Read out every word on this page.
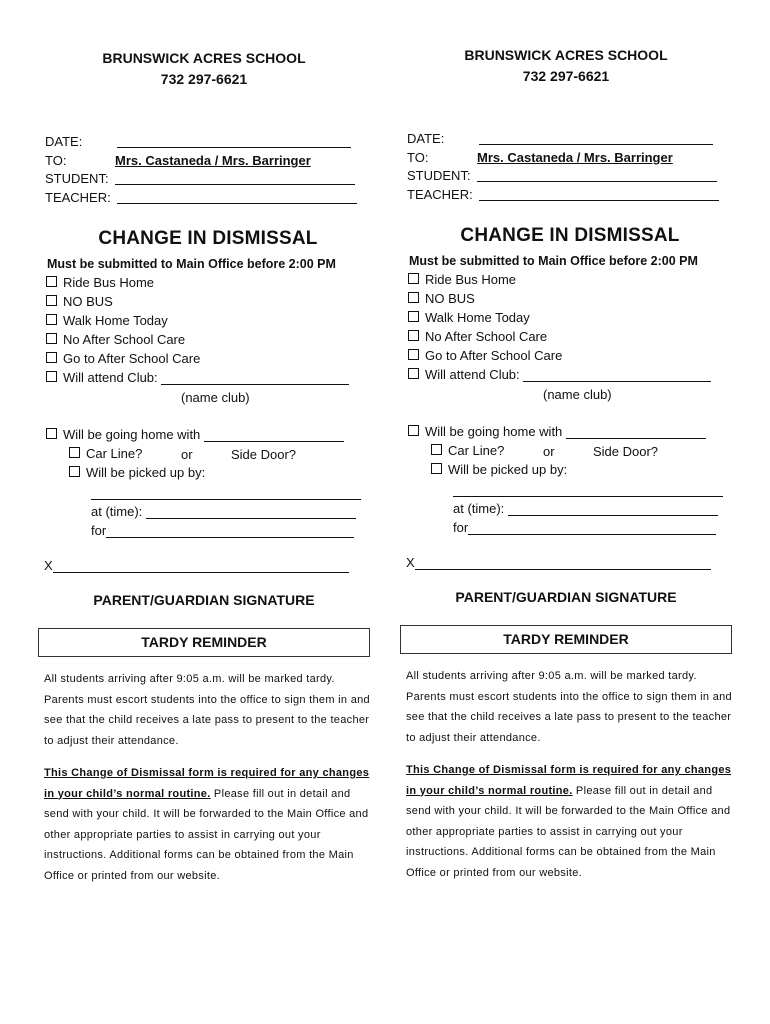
BRUNSWICK ACRES SCHOOL
732 297-6621
DATE:
TO:	Mrs. Castaneda / Mrs. Barringer
STUDENT:
TEACHER:
CHANGE IN DISMISSAL
Must be submitted to Main Office before 2:00 PM
Ride Bus Home
NO BUS
Walk Home Today
No After School Care
Go to After School Care
Will attend Club:
(name club)
Will be going home with
Car Line?	or	Side Door?
Will be picked up by:
at (time):
for
X
PARENT/GUARDIAN SIGNATURE
TARDY REMINDER
All students arriving after 9:05 a.m. will be marked tardy. Parents must escort students into the office to sign them in and see that the child receives a late pass to present to the teacher to adjust their attendance.
This Change of Dismissal form is required for any changes in your child’s normal routine. Please fill out in detail and send with your child. It will be forwarded to the Main Office and other appropriate parties to assist in carrying out your instructions. Additional forms can be obtained from the Main Office or printed from our website.
BRUNSWICK ACRES SCHOOL
732 297-6621
DATE:
TO:	Mrs. Castaneda / Mrs. Barringer
STUDENT:
TEACHER:
CHANGE IN DISMISSAL
Must be submitted to Main Office before 2:00 PM
Ride Bus Home
NO BUS
Walk Home Today
No After School Care
Go to After School Care
Will attend Club:
(name club)
Will be going home with
Car Line?	or	Side Door?
Will be picked up by:
at (time):
for
X
PARENT/GUARDIAN SIGNATURE
TARDY REMINDER
All students arriving after 9:05 a.m. will be marked tardy. Parents must escort students into the office to sign them in and see that the child receives a late pass to present to the teacher to adjust their attendance.
This Change of Dismissal form is required for any changes in your child’s normal routine. Please fill out in detail and send with your child. It will be forwarded to the Main Office and other appropriate parties to assist in carrying out your instructions. Additional forms can be obtained from the Main Office or printed from our website.
